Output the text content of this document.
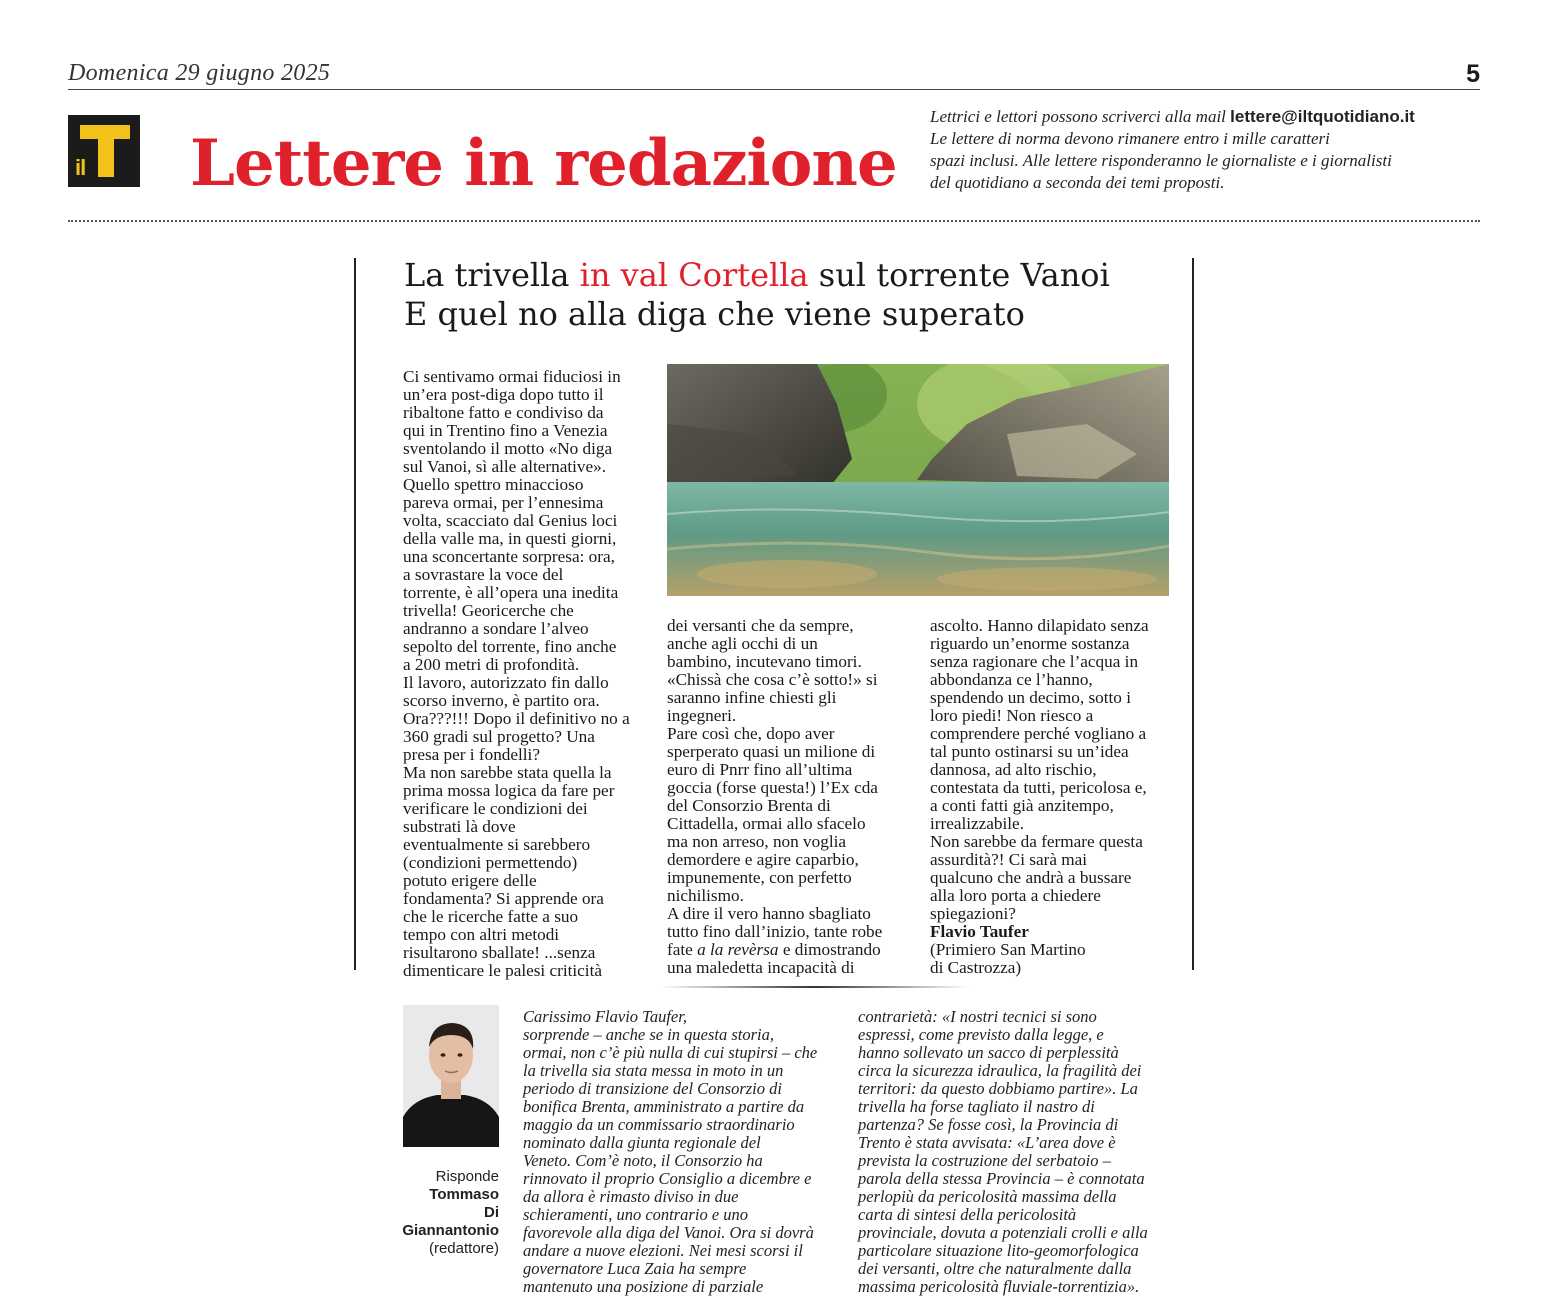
Domenica 29 giugno 2025	5
il Lettere in redazione
Lettrici e lettori possono scriverci alla mail lettere@iltquotidiano.it
Le lettere di norma devono rimanere entro i mille caratteri
spazi inclusi. Alle lettere risponderanno le giornaliste e i giornalisti
del quotidiano a seconda dei temi proposti.
La trivella in val Cortella sul torrente Vanoi
E quel no alla diga che viene superato

Ci sentivamo ormai fiduciosi in

un’era post-diga dopo tutto il

ribaltone fatto e condiviso da

qui in Trentino fino a Venezia

sventolando il motto «No diga

sul Vanoi, sì alle alternative».

Quello spettro minaccioso

pareva ormai, per l’ennesima

volta, scacciato dal Genius loci

della valle ma, in questi giorni,

una sconcertante sorpresa: ora,

a sovrastare la voce del

torrente, è all’opera una inedita

trivella! Georicerche che

andranno a sondare l’alveo

sepolto del torrente, fino anche

a 200 metri di profondità.

Il lavoro, autorizzato fin dallo

scorso inverno, è partito ora.

Ora???!!! Dopo il definitivo no a

360 gradi sul progetto? Una

presa per i fondelli?

Ma non sarebbe stata quella la

prima mossa logica da fare per

verificare le condizioni dei

substrati là dove

eventualmente si sarebbero

(condizioni permettendo)

potuto erigere delle

fondamenta? Si apprende ora

che le ricerche fatte a suo

tempo con altri metodi

risultarono sballate! ...senza

dimenticare le palesi criticità

dei versanti che da sempre,

anche agli occhi di un

bambino, incutevano timori.

«Chissà che cosa c’è sotto!» si

saranno infine chiesti gli

ingegneri.

Pare così che, dopo aver

sperperato quasi un milione di

euro di Pnrr fino all’ultima

goccia (forse questa!) l’Ex cda

del Consorzio Brenta di

Cittadella, ormai allo sfacelo

ma non arreso, non voglia

demordere e agire caparbio,

impunemente, con perfetto

nichilismo.

A dire il vero hanno sbagliato

tutto fino dall’inizio, tante robe

fate a la revèrsa e dimostrando

una maledetta incapacità di

ascolto. Hanno dilapidato senza

riguardo un’enorme sostanza

senza ragionare che l’acqua in

abbondanza ce l’hanno,

spendendo un decimo, sotto i

loro piedi! Non riesco a

comprendere perché vogliano a

tal punto ostinarsi su un’idea

dannosa, ad alto rischio,

contestata da tutti, pericolosa e,

a conti fatti già anzitempo,

irrealizzabile.

Non sarebbe da fermare questa

assurdità?! Ci sarà mai

qualcuno che andrà a bussare

alla loro porta a chiedere

spiegazioni?

Flavio Taufer

(Primiero San Martino

di Castrozza)

Risponde
Tommaso
Di
Giannantonio
(redattore)

Carissimo Flavio Taufer,

sorprende – anche se in questa storia,

ormai, non c’è più nulla di cui stupirsi – che

la trivella sia stata messa in moto in un

periodo di transizione del Consorzio di

bonifica Brenta, amministrato a partire da

maggio da un commissario straordinario

nominato dalla giunta regionale del

Veneto. Com’è noto, il Consorzio ha

rinnovato il proprio Consiglio a dicembre e

da allora è rimasto diviso in due

schieramenti, uno contrario e uno

favorevole alla diga del Vanoi. Ora si dovrà

andare a nuove elezioni. Nei mesi scorsi il

governatore Luca Zaia ha sempre

mantenuto una posizione di parziale

contrarietà: «I nostri tecnici si sono

espressi, come previsto dalla legge, e

hanno sollevato un sacco di perplessità

circa la sicurezza idraulica, la fragilità dei

territori: da questo dobbiamo partire». La

trivella ha forse tagliato il nastro di

partenza? Se fosse così, la Provincia di

Trento è stata avvisata: «L’area dove è

prevista la costruzione del serbatoio –

parola della stessa Provincia – è connotata

perlopiù da pericolosità massima della

carta di sintesi della pericolosità

provinciale, dovuta a potenziali crolli e alla

particolare situazione lito-geomorfologica

dei versanti, oltre che naturalmente dalla

massima pericolosità fluviale-torrentizia».
